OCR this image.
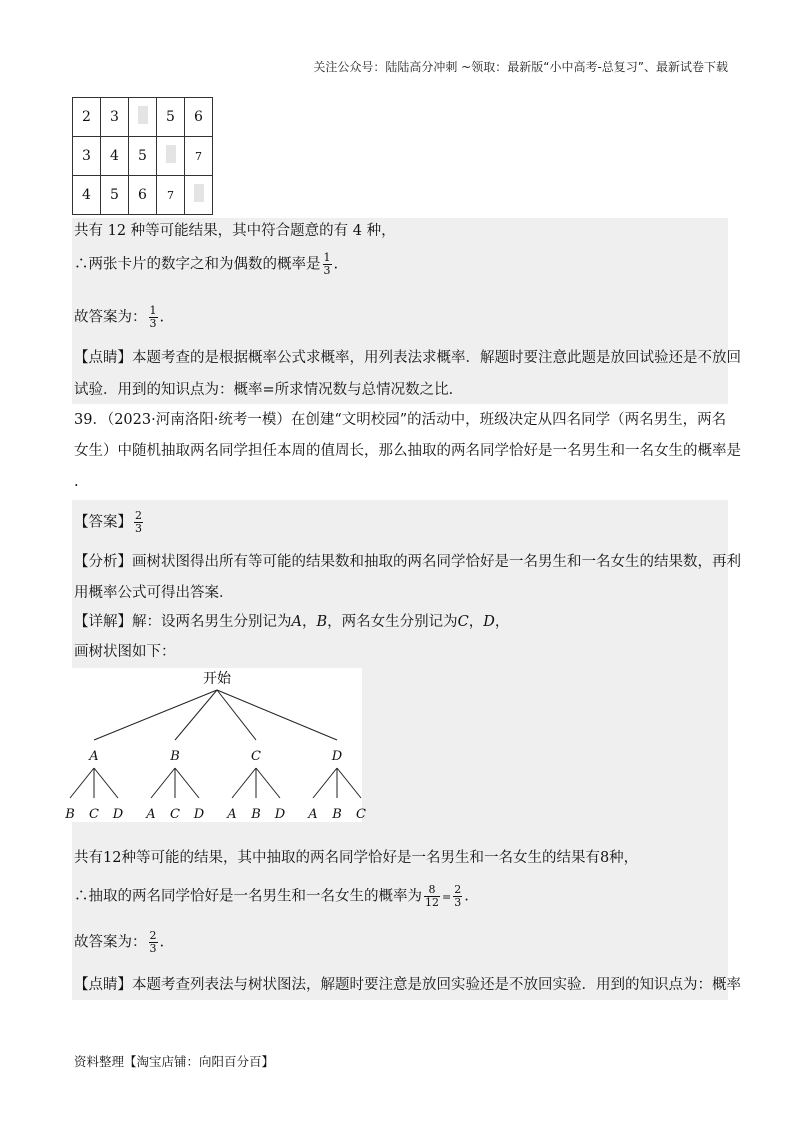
关注公众号：陆陆高分冲刺 ~领取：最新版“小中高考-总复习”、最新试卷下载
2	3		5	6
3	4	5		7
4	5	6	7	
共有 12 种等可能结果，其中符合题意的有 4 种，
∴两张卡片的数字之和为偶数的概率是 $\frac{1}{3}$ .
故答案为： $\frac{1}{3}$ .
【点睛】本题考查的是根据概率公式求概率，用列表法求概率．解题时要注意此题是放回试验还是不放回
试验．用到的知识点为：概率=所求情况数与总情况数之比．
39．（2023·河南洛阳·统考一模）在创建“文明校园”的活动中，班级决定从四名同学（两名男生，两名
女生）中随机抽取两名同学担任本周的值周长，那么抽取的两名同学恰好是一名男生和一名女生的概率是
.
【答案】 $\frac{2}{3}$
【分析】画树状图得出所有等可能的结果数和抽取的两名同学恰好是一名男生和一名女生的结果数，再利
用概率公式可得出答案．
【详解】解：设两名男生分别记为A，B，两名女生分别记为C，D，
画树状图如下：
开始
A
B C D
B
A C D
C
A B D
D
A B C
共有12种等可能的结果，其中抽取的两名同学恰好是一名男生和一名女生的结果有8种，
∴抽取的两名同学恰好是一名男生和一名女生的概率为 $\frac{8}{12} = \frac{2}{3}$ .
故答案为： $\frac{2}{3}$ .
【点睛】本题考查列表法与树状图法，解题时要注意是放回实验还是不放回实验．用到的知识点为：概率
资料整理【淘宝店铺：向阳百分百】
